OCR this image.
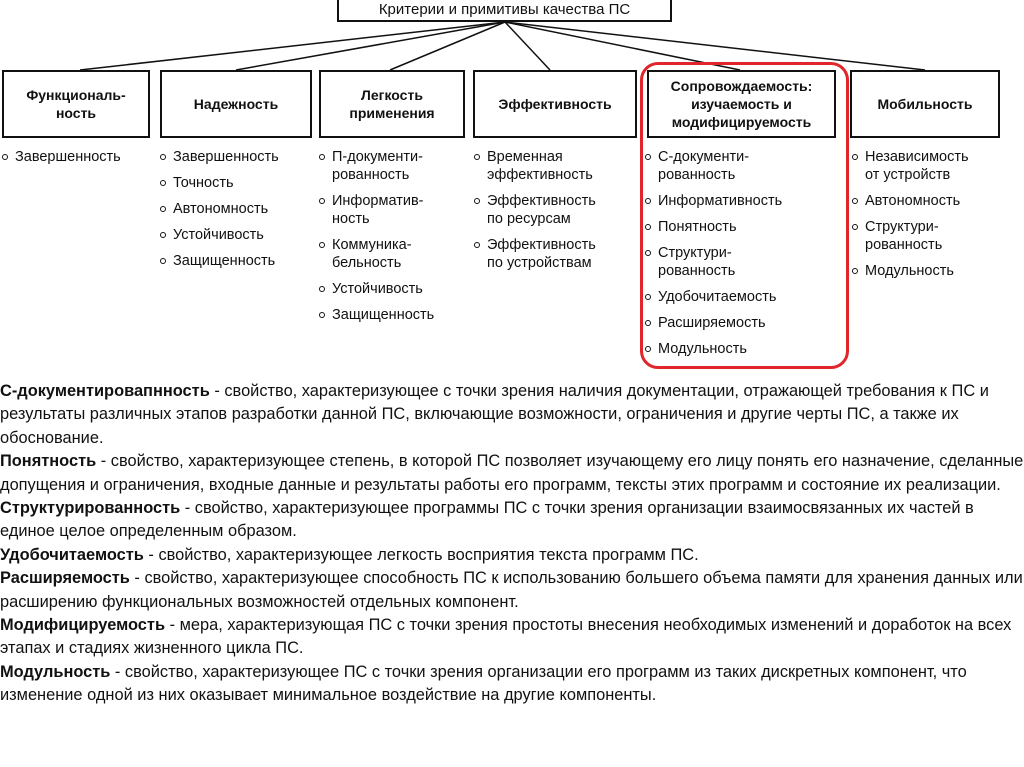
Критерии и примитивы качества ПС
Функциональ-
ность
Надежность
Легкость
применения
Эффективность
Сопровождаемость:
изучаемость и
модифицируемость
Мобильность
Завершенность	Завершенность
Точность
Автономность
Устойчивость
Защищенность
П-документи-
рованность
Информатив-
ность
Коммуника-
бельность
Устойчивость
Защищенность
Временная
эффективность
Эффективность
по ресурсам
Эффективность
по устройствам
С-документи-
рованность
Информативность
Понятность
Структури-
рованность
Удобочитаемость
Расширяемость
Модульность
Независимость
от устройств
Автономность
Структури-
рованность
Модульность

С-документировапнность - свойство, характеризующее с точки зрения наличия документации, отражающей требования к ПС и результаты различных этапов разработки данной ПС, включающие возможности, ограничения и другие черты ПС, а также их обоснование.

Понятность - свойство, характеризующее степень, в которой ПС позволяет изучающему его лицу понять его назначение, сделанные допущения и ограничения, входные данные и результаты работы его программ, тексты этих программ и состояние их реализации.

Структурированность - свойство, характеризующее программы ПС с точки зрения организации взаимосвязанных их частей в единое целое определенным образом.

Удобочитаемость - свойство, характеризующее легкость восприятия текста программ ПС.

Расширяемость - свойство, характеризующее способность ПС к использованию большего объема памяти для хранения данных или расширению функциональных возможностей отдельных компонент.

Модифицируемость - мера, характеризующая ПС с точки зрения простоты внесения необходимых изменений и доработок на всех этапах и стадиях жизненного цикла ПС.

Модульность - свойство, характеризующее ПС с точки зрения организации его программ из таких дискретных компонент, что изменение одной из них оказывает минимальное воздействие на другие компоненты.
